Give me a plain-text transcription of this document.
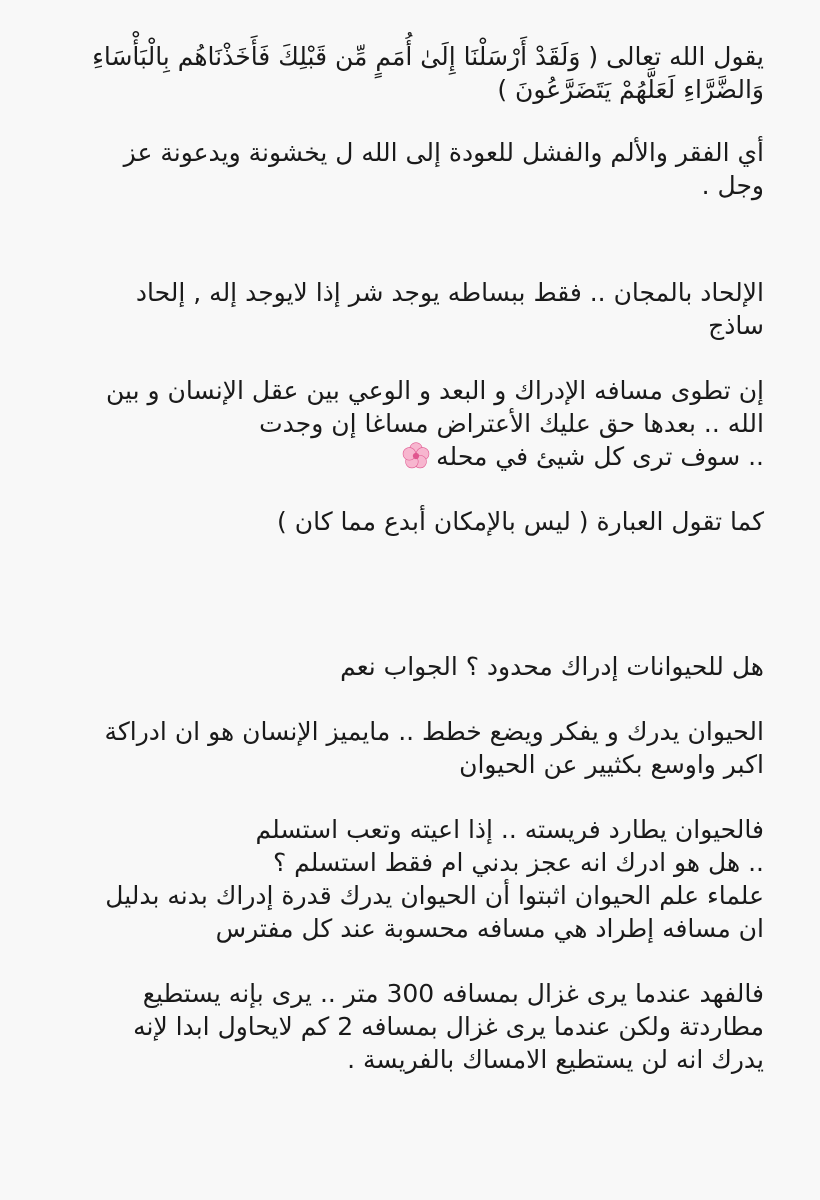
يقول الله تعالى ( وَلَقَدْ أَرْسَلْنَا إِلَىٰ أُمَمٍ مِّن قَبْلِكَ فَأَخَذْنَاهُم بِالْبَأْسَاءِ
وَالضَّرَّاءِ لَعَلَّهُمْ يَتَضَرَّعُونَ )

أي الفقر والألم والفشل للعودة إلى الله ل يخشونة ويدعونة عز
وجل .

الإلحاد بالمجان .. فقط ببساطه يوجد شر إذا لايوجد إله , إلحاد
ساذج

إن تطوى مسافه الإدراك و البعد و الوعي بين عقل الإنسان و بين
الله .. بعدها حق عليك الأعتراض مساغا إن وجدت
.. سوف ترى كل شيئ في محله

كما تقول العبارة ( ليس بالإمكان أبدع مما كان )

هل للحيوانات إدراك محدود ؟ الجواب نعم

الحيوان يدرك و يفكر ويضع خطط .. مايميز الإنسان هو ان ادراكة
اكبر واوسع بكثيير عن الحيوان

فالحيوان يطارد فريسته .. إذا اعيته وتعب استسلم
.. هل هو ادرك انه عجز بدني ام فقط استسلم ؟
علماء علم الحيوان اثبتوا أن الحيوان يدرك قدرة إدراك بدنه بدليل
ان مسافه إطراد هي مسافه محسوبة عند كل مفترس

فالفهد عندما يرى غزال بمسافه 300 متر .. يرى بإنه يستطيع
مطاردتة ولكن عندما يرى غزال بمسافه 2 كم لايحاول ابدا لإنه
يدرك انه لن يستطيع الامساك بالفريسة .
